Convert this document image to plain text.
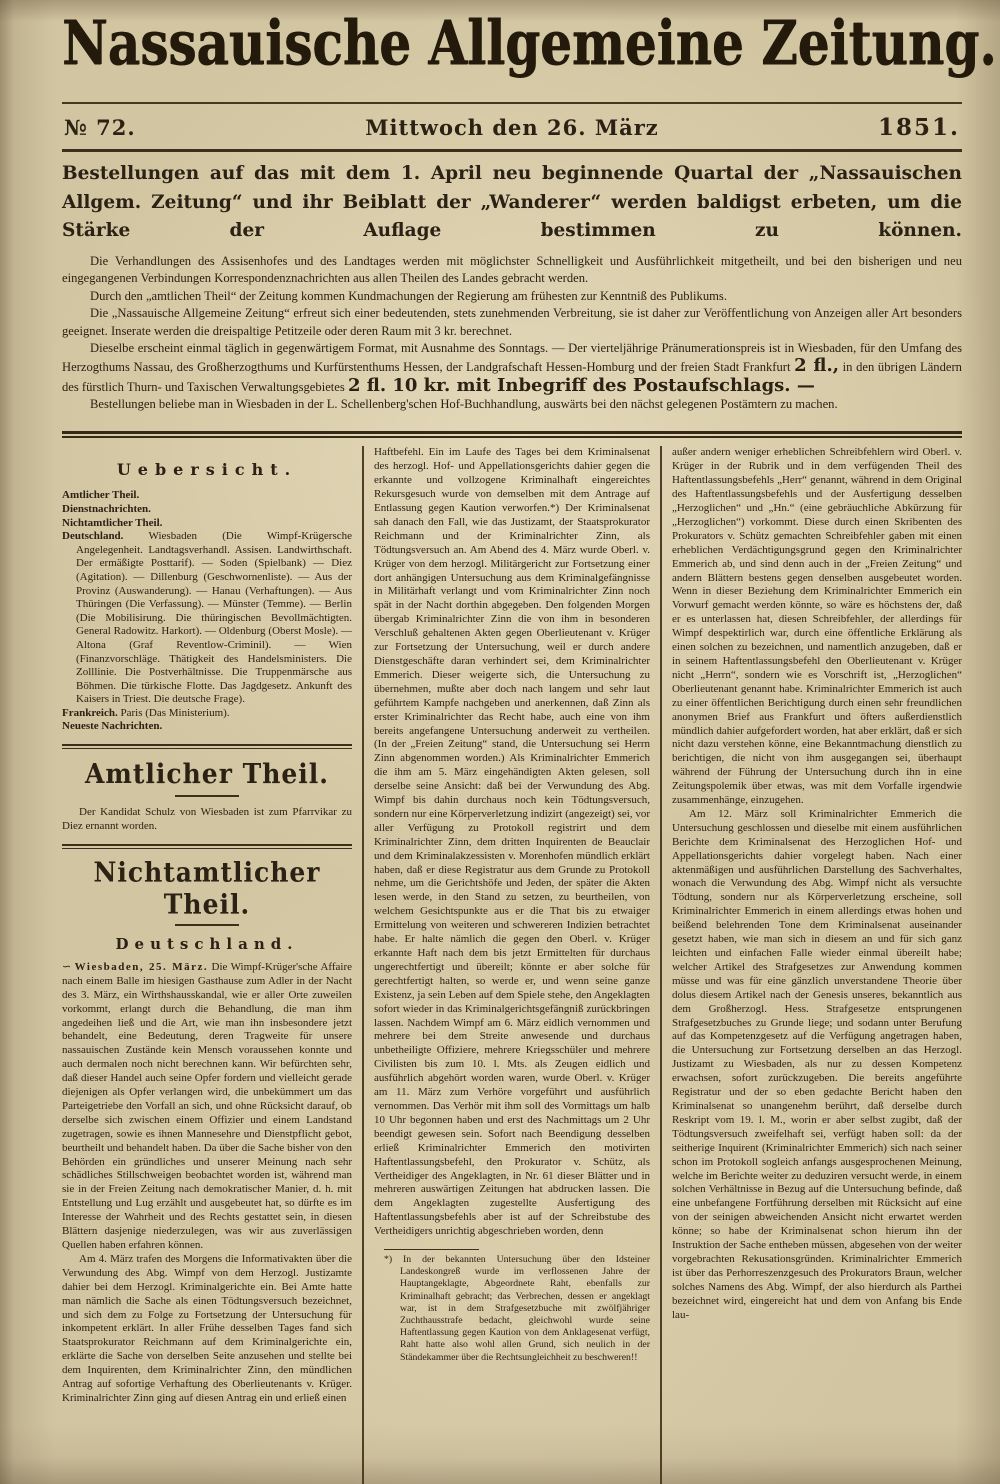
Nassauische Allgemeine Zeitung.
№ 72.	Mittwoch den 26. März	1851.

Bestellungen auf das mit dem 1. April neu beginnende Quartal der „Nassauischen Allgem. Zeitung“ und ihr Beiblatt der „Wanderer“ werden baldigst erbeten, um die Stärke der Auflage bestimmen zu können.

Die Verhandlungen des Assisenhofes und des Landtages werden mit möglichster Schnelligkeit und Ausführlichkeit mitgetheilt, und bei den bisherigen und neu eingegangenen Verbindungen Korrespondenznachrichten aus allen Theilen des Landes gebracht werden.

Durch den „amtlichen Theil“ der Zeitung kommen Kundmachungen der Regierung am frühesten zur Kenntniß des Publikums.

Die „Nassauische Allgemeine Zeitung“ erfreut sich einer bedeutenden, stets zunehmenden Verbreitung, sie ist daher zur Veröffentlichung von Anzeigen aller Art besonders geeignet. Inserate werden die dreispaltige Petitzeile oder deren Raum mit 3 kr. berechnet.

Dieselbe erscheint einmal täglich in gegenwärtigem Format, mit Ausnahme des Sonntags. — Der vierteljährige Pränumerationspreis ist in Wiesbaden, für den Umfang des Herzogthums Nassau, des Großherzogthums und Kurfürstenthums Hessen, der Landgrafschaft Hessen-Homburg und der freien Stadt Frankfurt 2 fl., in den übrigen Ländern des fürstlich Thurn- und Taxischen Verwaltungsgebietes 2 fl. 10 kr. mit Inbegriff des Postaufschlags. —

Bestellungen beliebe man in Wiesbaden in der L. Schellenberg'schen Hof-Buchhandlung, auswärts bei den nächst gelegenen Postämtern zu machen.

Uebersicht.

Amtlicher Theil.

Dienstnachrichten.

Nichtamtlicher Theil.

Deutschland. Wiesbaden (Die Wimpf-Krügersche Angelegenheit. Landtagsverhandl. Assisen. Landwirthschaft. Der ermäßigte Posttarif). — Soden (Spielbank) — Diez (Agitation). — Dillenburg (Geschwornenliste). — Aus der Provinz (Auswanderung). — Hanau (Verhaftungen). — Aus Thüringen (Die Verfassung). — Münster (Temme). — Berlin (Die Mobilisirung. Die thüringischen Bevollmächtigten. General Radowitz. Harkort). — Oldenburg (Oberst Mosle). — Altona (Graf Reventlow-Criminil). — Wien (Finanzvorschläge. Thätigkeit des Handelsministers. Die Zolllinie. Die Postverhältnisse. Die Truppenmärsche aus Böhmen. Die türkische Flotte. Das Jagdgesetz. Ankunft des Kaisers in Triest. Die deutsche Frage).

Frankreich. Paris (Das Ministerium).

Neueste Nachrichten.

Amtlicher Theil.

Der Kandidat Schulz von Wiesbaden ist zum Pfarrvikar zu Diez ernannt worden.

Nichtamtlicher Theil.
Deutschland.

∽ Wiesbaden, 25. März. Die Wimpf-Krüger'sche Affaire nach einem Balle im hiesigen Gasthause zum Adler in der Nacht des 3. März, ein Wirthshausskandal, wie er aller Orte zuweilen vorkommt, erlangt durch die Behandlung, die man ihm angedeihen ließ und die Art, wie man ihn insbesondere jetzt behandelt, eine Bedeutung, deren Tragweite für unsere nassauischen Zustände kein Mensch voraussehen konnte und auch dermalen noch nicht berechnen kann. Wir befürchten sehr, daß dieser Handel auch seine Opfer fordern und vielleicht gerade diejenigen als Opfer verlangen wird, die unbekümmert um das Parteigetriebe den Vorfall an sich, und ohne Rücksicht darauf, ob derselbe sich zwischen einem Offizier und einem Landstand zugetragen, sowie es ihnen Mannesehre und Dienstpflicht gebot, beurtheilt und behandelt haben. Da über die Sache bisher von den Behörden ein gründliches und unserer Meinung nach sehr schädliches Stillschweigen beobachtet worden ist, während man sie in der Freien Zeitung nach demokratischer Manier, d. h. mit Entstellung und Lug erzählt und ausgebeutet hat, so dürfte es im Interesse der Wahrheit und des Rechts gestattet sein, in diesen Blättern dasjenige niederzulegen, was wir aus zuverlässigen Quellen haben erfahren können.

Am 4. März trafen des Morgens die Informativakten über die Verwundung des Abg. Wimpf von dem Herzogl. Justizamte dahier bei dem Herzogl. Kriminalgerichte ein. Bei Amte hatte man nämlich die Sache als einen Tödtungsversuch bezeichnet, und sich dem zu Folge zu Fortsetzung der Untersuchung für inkompetent erklärt. In aller Frühe desselben Tages fand sich Staatsprokurator Reichmann auf dem Kriminalgerichte ein, erklärte die Sache von derselben Seite anzusehen und stellte bei dem Inquirenten, dem Kriminalrichter Zinn, den mündlichen Antrag auf sofortige Verhaftung des Oberlieutenants v. Krüger. Kriminalrichter Zinn ging auf diesen Antrag ein und erließ einen

Haftbefehl. Ein im Laufe des Tages bei dem Kriminalsenat des herzogl. Hof- und Appellationsgerichts dahier gegen die erkannte und vollzogene Kriminalhaft eingereichtes Rekursgesuch wurde von demselben mit dem Antrage auf Entlassung gegen Kaution verworfen.*) Der Kriminalsenat sah danach den Fall, wie das Justizamt, der Staatsprokurator Reichmann und der Kriminalrichter Zinn, als Tödtungsversuch an. Am Abend des 4. März wurde Oberl. v. Krüger von dem herzogl. Militärgericht zur Fortsetzung einer dort anhängigen Untersuchung aus dem Kriminalgefängnisse in Militärhaft verlangt und vom Kriminalrichter Zinn noch spät in der Nacht dorthin abgegeben. Den folgenden Morgen übergab Kriminalrichter Zinn die von ihm in besonderen Verschluß gehaltenen Akten gegen Oberlieutenant v. Krüger zur Fortsetzung der Untersuchung, weil er durch andere Dienstgeschäfte daran verhindert sei, dem Kriminalrichter Emmerich. Dieser weigerte sich, die Untersuchung zu übernehmen, mußte aber doch nach langem und sehr laut geführtem Kampfe nachgeben und anerkennen, daß Zinn als erster Kriminalrichter das Recht habe, auch eine von ihm bereits angefangene Untersuchung anderweit zu vertheilen. (In der „Freien Zeitung“ stand, die Untersuchung sei Herrn Zinn abgenommen worden.) Als Kriminalrichter Emmerich die ihm am 5. März eingehändigten Akten gelesen, soll derselbe seine Ansicht: daß bei der Verwundung des Abg. Wimpf bis dahin durchaus noch kein Tödtungsversuch, sondern nur eine Körperverletzung indizirt (angezeigt) sei, vor aller Verfügung zu Protokoll registrirt und dem Kriminalrichter Zinn, dem dritten Inquirenten de Beauclair und dem Kriminalakzessisten v. Morenhofen mündlich erklärt haben, daß er diese Registratur aus dem Grunde zu Protokoll nehme, um die Gerichtshöfe und Jeden, der später die Akten lesen werde, in den Stand zu setzen, zu beurtheilen, von welchem Gesichtspunkte aus er die That bis zu etwaiger Ermittelung von weiteren und schwereren Indizien betrachtet habe. Er halte nämlich die gegen den Oberl. v. Krüger erkannte Haft nach dem bis jetzt Ermittelten für durchaus ungerechtfertigt und übereilt; könnte er aber solche für gerechtfertigt halten, so werde er, und wenn seine ganze Existenz, ja sein Leben auf dem Spiele stehe, den Angeklagten sofort wieder in das Kriminalgerichtsgefängniß zurückbringen lassen. Nachdem Wimpf am 6. März eidlich vernommen und mehrere bei dem Streite anwesende und durchaus unbetheiligte Offiziere, mehrere Kriegsschüler und mehrere Civilisten bis zum 10. l. Mts. als Zeugen eidlich und ausführlich abgehört worden waren, wurde Oberl. v. Krüger am 11. März zum Verhöre vorgeführt und ausführlich vernommen. Das Verhör mit ihm soll des Vormittags um halb 10 Uhr begonnen haben und erst des Nachmittags um 2 Uhr beendigt gewesen sein. Sofort nach Beendigung desselben erließ Kriminalrichter Emmerich den motivirten Haftentlassungsbefehl, den Prokurator v. Schütz, als Vertheidiger des Angeklagten, in Nr. 61 dieser Blätter und in mehreren auswärtigen Zeitungen hat abdrucken lassen. Die dem Angeklagten zugestellte Ausfertigung des Haftentlassungsbefehls aber ist auf der Schreibstube des Vertheidigers unrichtig abgeschrieben worden, denn

*) In der bekannten Untersuchung über den Idsteiner Landeskongreß wurde im verflossenen Jahre der Hauptangeklagte, Abgeordnete Raht, ebenfalls zur Kriminalhaft gebracht; das Verbrechen, dessen er angeklagt war, ist in dem Strafgesetzbuche mit zwölfjähriger Zuchthausstrafe bedacht, gleichwohl wurde seine Haftentlassung gegen Kaution von dem Anklagesenat verfügt, Raht hatte also wohl allen Grund, sich neulich in der Ständekammer über die Rechtsungleichheit zu beschweren!!

außer andern weniger erheblichen Schreibfehlern wird Oberl. v. Krüger in der Rubrik und in dem verfügenden Theil des Haftentlassungsbefehls „Herr“ genannt, während in dem Original des Haftentlassungsbefehls und der Ausfertigung desselben „Herzoglichen“ und „Hn.“ (eine gebräuchliche Abkürzung für „Herzoglichen“) vorkommt. Diese durch einen Skribenten des Prokurators v. Schütz gemachten Schreibfehler gaben mit einen erheblichen Verdächtigungsgrund gegen den Kriminalrichter Emmerich ab, und sind denn auch in der „Freien Zeitung“ und andern Blättern bestens gegen denselben ausgebeutet worden. Wenn in dieser Beziehung dem Kriminalrichter Emmerich ein Vorwurf gemacht werden könnte, so wäre es höchstens der, daß er es unterlassen hat, diesen Schreibfehler, der allerdings für Wimpf despektirlich war, durch eine öffentliche Erklärung als einen solchen zu bezeichnen, und namentlich anzugeben, daß er in seinem Haftentlassungsbefehl den Oberlieutenant v. Krüger nicht „Herrn“, sondern wie es Vorschrift ist, „Herzoglichen“ Oberlieutenant genannt habe. Kriminalrichter Emmerich ist auch zu einer öffentlichen Berichtigung durch einen sehr freundlichen anonymen Brief aus Frankfurt und öfters außerdienstlich mündlich dahier aufgefordert worden, hat aber erklärt, daß er sich nicht dazu verstehen könne, eine Bekanntmachung dienstlich zu berichtigen, die nicht von ihm ausgegangen sei, überhaupt während der Führung der Untersuchung durch ihn in eine Zeitungspolemik über etwas, was mit dem Vorfalle irgendwie zusammenhänge, einzugehen.

Am 12. März soll Kriminalrichter Emmerich die Untersuchung geschlossen und dieselbe mit einem ausführlichen Berichte dem Kriminalsenat des Herzoglichen Hof- und Appellationsgerichts dahier vorgelegt haben. Nach einer aktenmäßigen und ausführlichen Darstellung des Sachverhaltes, wonach die Verwundung des Abg. Wimpf nicht als versuchte Tödtung, sondern nur als Körperverletzung erscheine, soll Kriminalrichter Emmerich in einem allerdings etwas hohen und beißend belehrenden Tone dem Kriminalsenat auseinander gesetzt haben, wie man sich in diesem an und für sich ganz leichten und einfachen Falle wieder einmal übereilt habe; welcher Artikel des Strafgesetzes zur Anwendung kommen müsse und was für eine gänzlich unverstandene Theorie über dolus diesem Artikel nach der Genesis unseres, bekanntlich aus dem Großherzogl. Hess. Strafgesetze entsprungenen Strafgesetzbuches zu Grunde liege; und sodann unter Berufung auf das Kompetenzgesetz auf die Verfügung angetragen haben, die Untersuchung zur Fortsetzung derselben an das Herzogl. Justizamt zu Wiesbaden, als nur zu dessen Kompetenz erwachsen, sofort zurückzugeben. Die bereits angeführte Registratur und der so eben gedachte Bericht haben den Kriminalsenat so unangenehm berührt, daß derselbe durch Reskript vom 19. l. M., worin er aber selbst zugibt, daß der Tödtungsversuch zweifelhaft sei, verfügt haben soll: da der seitherige Inquirent (Kriminalrichter Emmerich) sich nach seiner schon im Protokoll sogleich anfangs ausgesprochenen Meinung, welche im Berichte weiter zu deduziren versucht werde, in einem solchen Verhältnisse in Bezug auf die Untersuchung befinde, daß eine unbefangene Fortführung derselben mit Rücksicht auf eine von der seinigen abweichenden Ansicht nicht erwartet werden könne; so habe der Kriminalsenat schon hierum ihn der Instruktion der Sache entheben müssen, abgesehen von der weiter vorgebrachten Rekusationsgründen. Kriminalrichter Emmerich ist über das Perhorreszenzgesuch des Prokurators Braun, welcher solches Namens des Abg. Wimpf, der also hierdurch als Parthei bezeichnet wird, eingereicht hat und dem von Anfang bis Ende lau-
